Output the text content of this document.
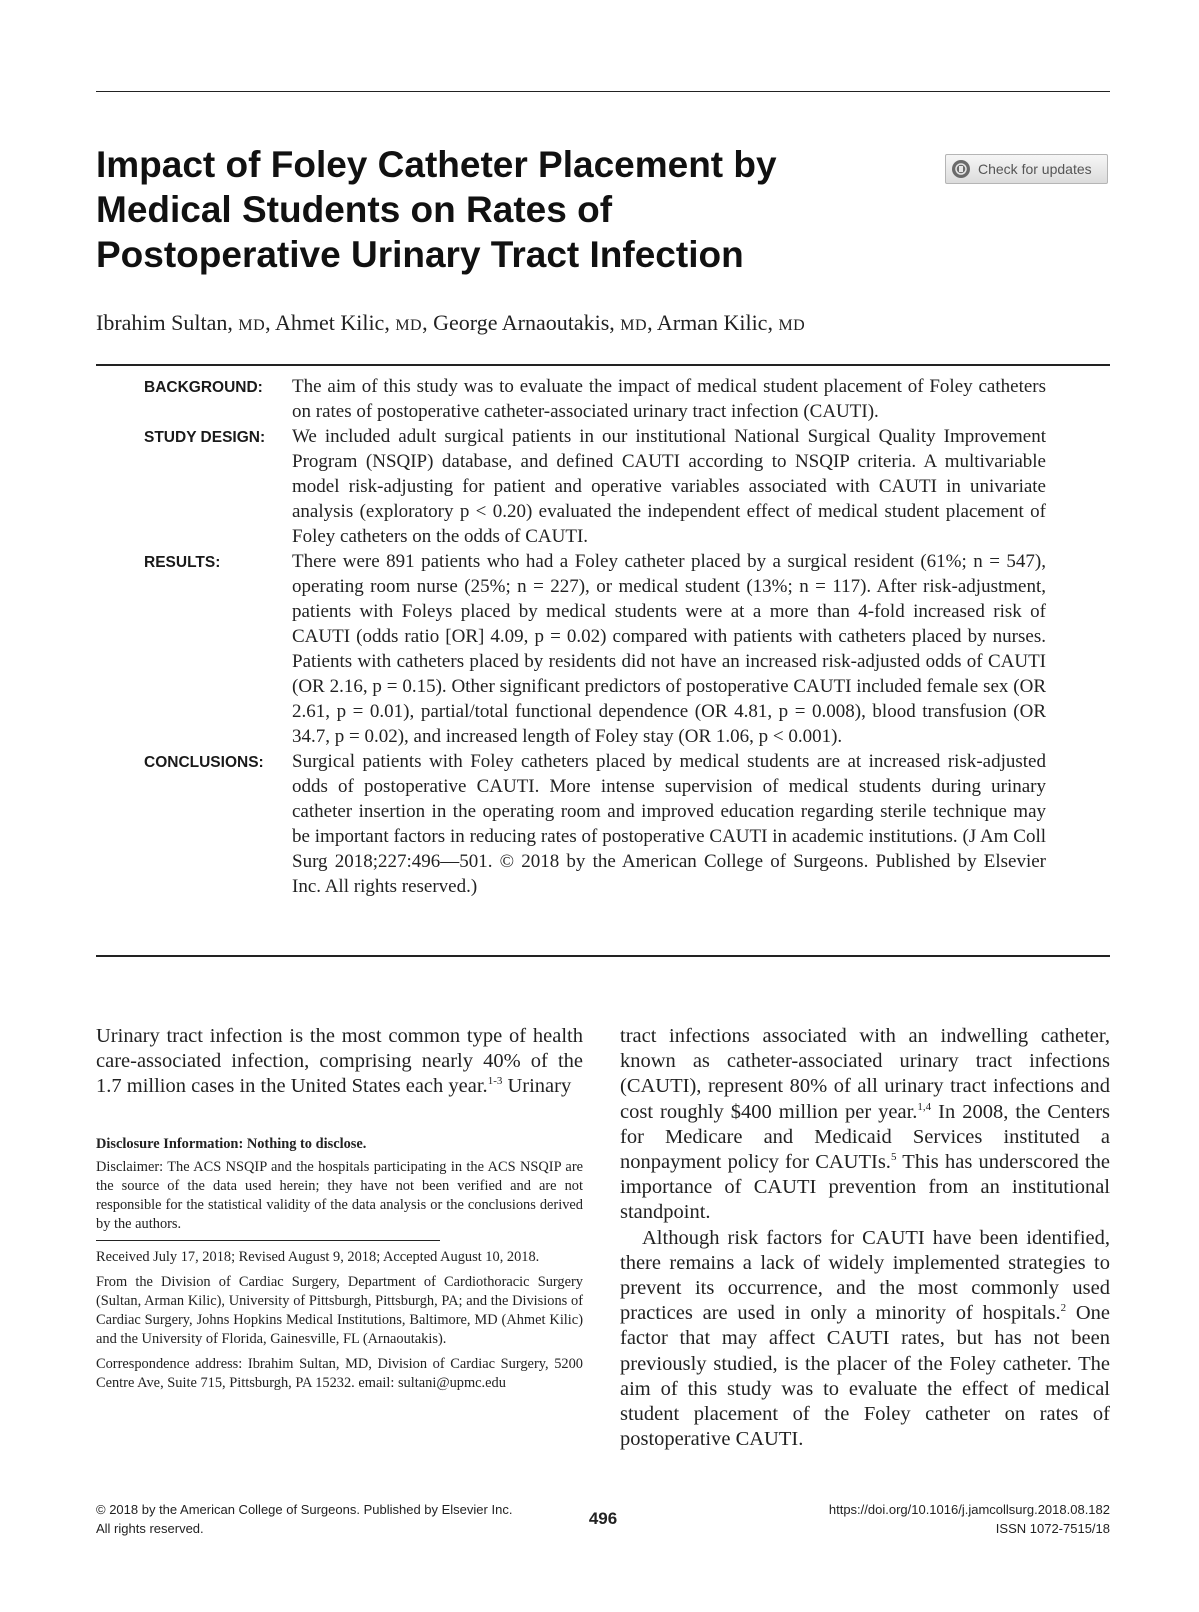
Impact of Foley Catheter Placement by
Medical Students on Rates of
Postoperative Urinary Tract Infection
Check for updates

Ibrahim Sultan, MD, Ahmet Kilic, MD, George Arnaoutakis, MD, Arman Kilic, MD

BACKGROUND:	The aim of this study was to evaluate the impact of medical student placement of Foley catheters on rates of postoperative catheter-associated urinary tract infection (CAUTI).
STUDY DESIGN:	We included adult surgical patients in our institutional National Surgical Quality Improvement Program (NSQIP) database, and defined CAUTI according to NSQIP criteria. A multivariable model risk-adjusting for patient and operative variables associated with CAUTI in univariate analysis (exploratory p < 0.20) evaluated the independent effect of medical student placement of Foley catheters on the odds of CAUTI.
RESULTS:	There were 891 patients who had a Foley catheter placed by a surgical resident (61%; n = 547), operating room nurse (25%; n = 227), or medical student (13%; n = 117). After risk-adjustment, patients with Foleys placed by medical students were at a more than 4-fold increased risk of CAUTI (odds ratio [OR] 4.09, p = 0.02) compared with patients with catheters placed by nurses. Patients with catheters placed by residents did not have an increased risk-adjusted odds of CAUTI (OR 2.16, p = 0.15). Other significant predictors of postoperative CAUTI included female sex (OR 2.61, p = 0.01), partial/total functional dependence (OR 4.81, p = 0.008), blood transfusion (OR 34.7, p = 0.02), and increased length of Foley stay (OR 1.06, p < 0.001).
CONCLUSIONS:	Surgical patients with Foley catheters placed by medical students are at increased risk-adjusted odds of postoperative CAUTI. More intense supervision of medical students during urinary catheter insertion in the operating room and improved education regarding sterile technique may be important factors in reducing rates of postoperative CAUTI in academic institutions. (J Am Coll Surg 2018;227:496—501. © 2018 by the American College of Surgeons. Published by Elsevier Inc. All rights reserved.)

Urinary tract infection is the most common type of health care-associated infection, comprising nearly 40% of the 1.7 million cases in the United States each year.$^{1-3}$ Urinary

Disclosure Information: Nothing to disclose.

Disclaimer: The ACS NSQIP and the hospitals participating in the ACS NSQIP are the source of the data used herein; they have not been verified and are not responsible for the statistical validity of the data analysis or the conclusions derived by the authors.

Received July 17, 2018; Revised August 9, 2018; Accepted August 10, 2018.

From the Division of Cardiac Surgery, Department of Cardiothoracic Surgery (Sultan, Arman Kilic), University of Pittsburgh, Pittsburgh, PA; and the Divisions of Cardiac Surgery, Johns Hopkins Medical Institutions, Baltimore, MD (Ahmet Kilic) and the University of Florida, Gainesville, FL (Arnaoutakis).

Correspondence address: Ibrahim Sultan, MD, Division of Cardiac Surgery, 5200 Centre Ave, Suite 715, Pittsburgh, PA 15232. email: sultani@upmc.edu

tract infections associated with an indwelling catheter, known as catheter-associated urinary tract infections (CAUTI), represent 80% of all urinary tract infections and cost roughly $400 million per year.$^{1,4}$ In 2008, the Centers for Medicare and Medicaid Services instituted a nonpayment policy for CAUTIs.$^5$ This has underscored the importance of CAUTI prevention from an institutional standpoint.

Although risk factors for CAUTI have been identified, there remains a lack of widely implemented strategies to prevent its occurrence, and the most commonly used practices are used in only a minority of hospitals.$^2$ One factor that may affect CAUTI rates, but has not been previously studied, is the placer of the Foley catheter. The aim of this study was to evaluate the effect of medical student placement of the Foley catheter on rates of postoperative CAUTI.

© 2018 by the American College of Surgeons. Published by Elsevier Inc.
All rights reserved.
496	https://doi.org/10.1016/j.jamcollsurg.2018.08.182
ISSN 1072-7515/18
